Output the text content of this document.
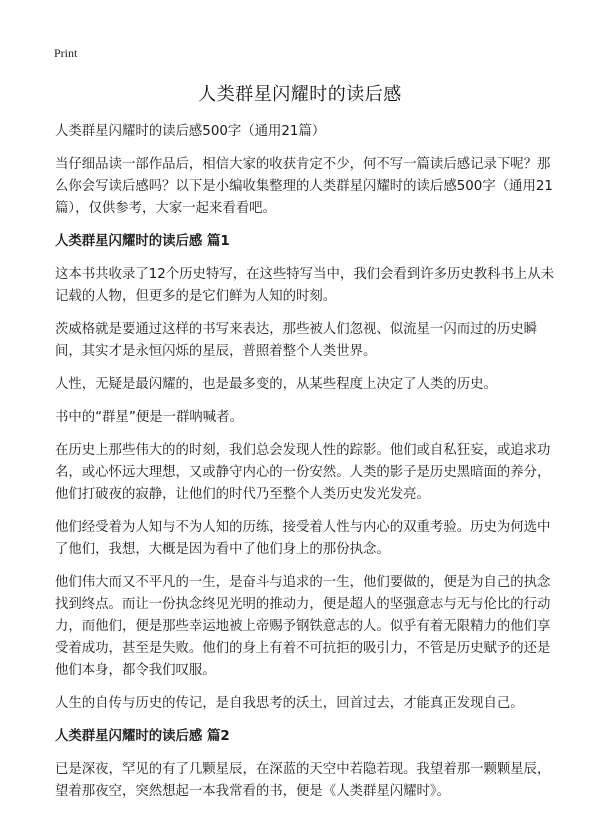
Print
人类群星闪耀时的读后感

人类群星闪耀时的读后感500字（通用21篇）

当仔细品读一部作品后，相信大家的收获肯定不少，何不写一篇读后感记录下呢？那么你会写读后感吗？以下是小编收集整理的人类群星闪耀时的读后感500字（通用21篇），仅供参考，大家一起来看看吧。

人类群星闪耀时的读后感 篇1

这本书共收录了12个历史特写，在这些特写当中，我们会看到许多历史教科书上从未记载的人物，但更多的是它们鲜为人知的时刻。

茨威格就是要通过这样的书写来表达，那些被人们忽视、似流星一闪而过的历史瞬间，其实才是永恒闪烁的星辰，普照着整个人类世界。

人性，无疑是最闪耀的，也是最多变的，从某些程度上决定了人类的历史。

书中的“群星”便是一群呐喊者。

在历史上那些伟大的的时刻，我们总会发现人性的踪影。他们或自私狂妄，或追求功名，或心怀远大理想，又或静守内心的一份安然。人类的影子是历史黑暗面的养分，他们打破夜的寂静，让他们的时代乃至整个人类历史发光发亮。

他们经受着为人知与不为人知的历练，接受着人性与内心的双重考验。历史为何选中了他们，我想，大概是因为看中了他们身上的那份执念。

他们伟大而又不平凡的一生，是奋斗与追求的一生，他们要做的，便是为自己的执念找到终点。而让一份执念终见光明的推动力，便是超人的坚强意志与无与伦比的行动力，而他们，便是那些幸运地被上帝赐予钢铁意志的人。似乎有着无限精力的他们享受着成功，甚至是失败。他们的身上有着不可抗拒的吸引力，不管是历史赋予的还是他们本身，都令我们叹服。

人生的自传与历史的传记，是自我思考的沃土，回首过去，才能真正发现自己。

人类群星闪耀时的读后感 篇2

已是深夜，罕见的有了几颗星辰，在深蓝的天空中若隐若现。我望着那一颗颗星辰，望着那夜空，突然想起一本我常看的书，便是《人类群星闪耀时》。
